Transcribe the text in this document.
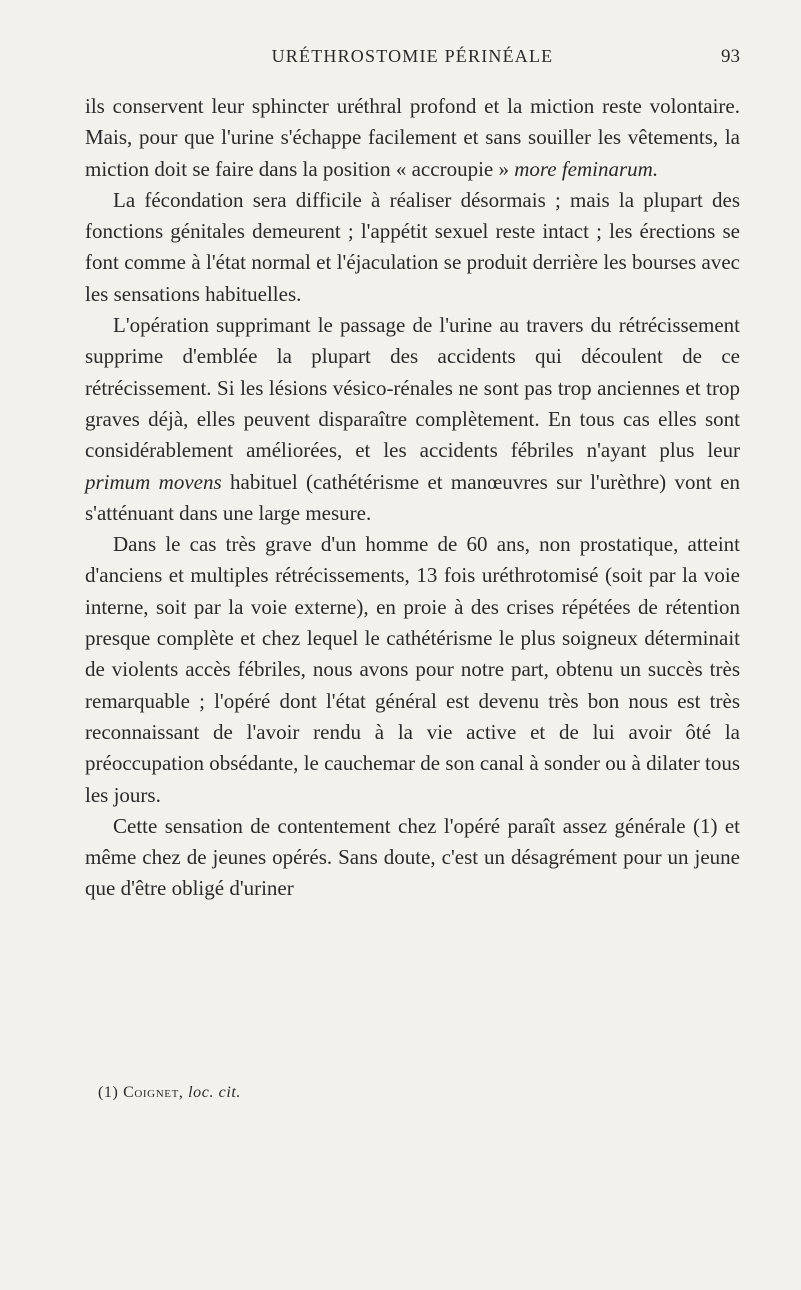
URÉTHROSTOMIE PÉRINÉALE	93

ils conservent leur sphincter uréthral profond et la miction reste volontaire. Mais, pour que l'urine s'échappe facilement et sans souiller les vêtements, la miction doit se faire dans la position « accroupie » more feminarum.

La fécondation sera difficile à réaliser désormais ; mais la plupart des fonctions génitales demeurent ; l'appétit sexuel reste intact ; les érections se font comme à l'état normal et l'éjaculation se produit derrière les bourses avec les sensations habituelles.

L'opération supprimant le passage de l'urine au travers du rétrécissement supprime d'emblée la plupart des accidents qui découlent de ce rétrécissement. Si les lésions vésico-rénales ne sont pas trop anciennes et trop graves déjà, elles peuvent disparaître complètement. En tous cas elles sont considérablement améliorées, et les accidents fébriles n'ayant plus leur primum movens habituel (cathétérisme et manœuvres sur l'urèthre) vont en s'atténuant dans une large mesure.

Dans le cas très grave d'un homme de 60 ans, non prostatique, atteint d'anciens et multiples rétrécissements, 13 fois uréthrotomisé (soit par la voie interne, soit par la voie externe), en proie à des crises répétées de rétention presque complète et chez lequel le cathétérisme le plus soigneux déterminait de violents accès fébriles, nous avons pour notre part, obtenu un succès très remarquable ; l'opéré dont l'état général est devenu très bon nous est très reconnaissant de l'avoir rendu à la vie active et de lui avoir ôté la préoccupation obsédante, le cauchemar de son canal à sonder ou à dilater tous les jours.

Cette sensation de contentement chez l'opéré paraît assez générale (1) et même chez de jeunes opérés. Sans doute, c'est un désagrément pour un jeune que d'être obligé d'uriner

(1) Coignet, loc. cit.
